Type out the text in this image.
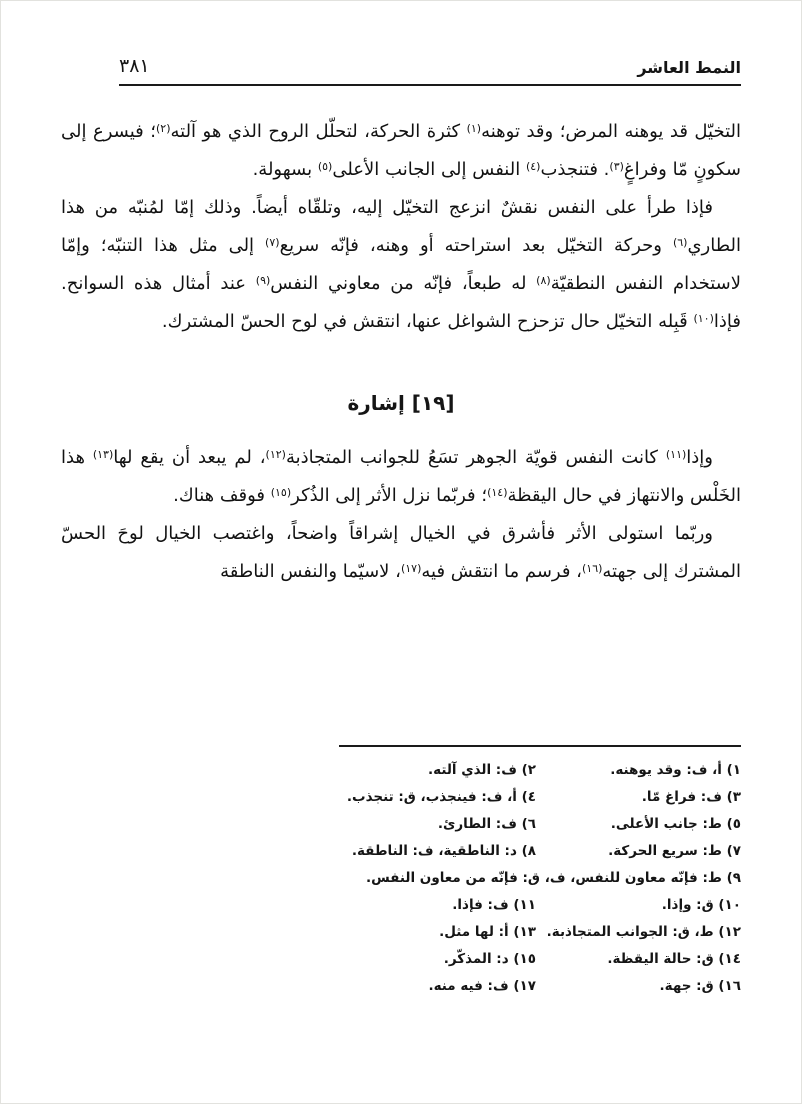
النمط العاشر
٣٨١

التخيّل قد يوهنه المرض؛ وقد توهنه$^{(١)}$ كثرة الحركة، لتحلّل الروح الذي هو آلته$^{(٢)}$؛ فيسرع إلى سكونٍ مّا وفراغٍ$^{(٣)}$. فتنجذب$^{(٤)}$ النفس إلى الجانب الأعلى$^{(٥)}$ بسهولة.

فإذا طرأ على النفس نقشٌ انزعج التخيّل إليه، وتلقّاه أيضاً. وذلك إمّا لمُنبّه من هذا الطاري$^{(٦)}$ وحركة التخيّل بعد استراحته أو وهنه، فإنّه سريع$^{(٧)}$ إلى مثل هذا التنبّه؛ وإمّا لاستخدام النفس النطقيّة$^{(٨)}$ له طبعاً، فإنّه من معاوني النفس$^{(٩)}$ عند أمثال هذه السوانح. فإذا$^{(١٠)}$ قَبِله التخيّل حال تزحزح الشواغل عنها، انتقش في لوح الحسّ المشترك.

[١٩] إشارة

وإذا$^{(١١)}$ كانت النفس قويّة الجوهر تسَعُ للجوانب المتجاذبة$^{(١٢)}$، لم يبعد أن يقع لها$^{(١٣)}$ هذا الخَلْس والانتهاز في حال اليقظة$^{(١٤)}$؛ فربّما نزل الأثر إلى الذُكر$^{(١٥)}$ فوقف هناك.

وربّما استولى الأثر فأشرق في الخيال إشراقاً واضحاً، واغتصب الخيال لوحَ الحسّ المشترك إلى جهته$^{(١٦)}$، فرسم ما انتقش فيه$^{(١٧)}$، لاسيّما والنفس الناطقة

١) أ، ف: وقد يوهنه.
٢) ف: الذي آلته.
٣) ف: فراغ مّا.
٤) أ، ف: فينجذب، ق: تنجذب.
٥) ط: جانب الأعلى.
٦) ف: الطارئ.
٧) ط: سريع الحركة.
٨) د: الناطقية، ف: الناطقة.
٩) ط: فإنّه معاون للنفس، ف، ق: فإنّه من معاون النفس.
١٠) ق: وإذا.
١١) ف: فإذا.
١٢) ط، ق: الجوانب المتجاذبة.
١٣) أ: لها مثل.
١٤) ق: حالة اليقظة.
١٥) د: المذكّر.
١٦) ق: جهة.
١٧) ف: فيه منه.
